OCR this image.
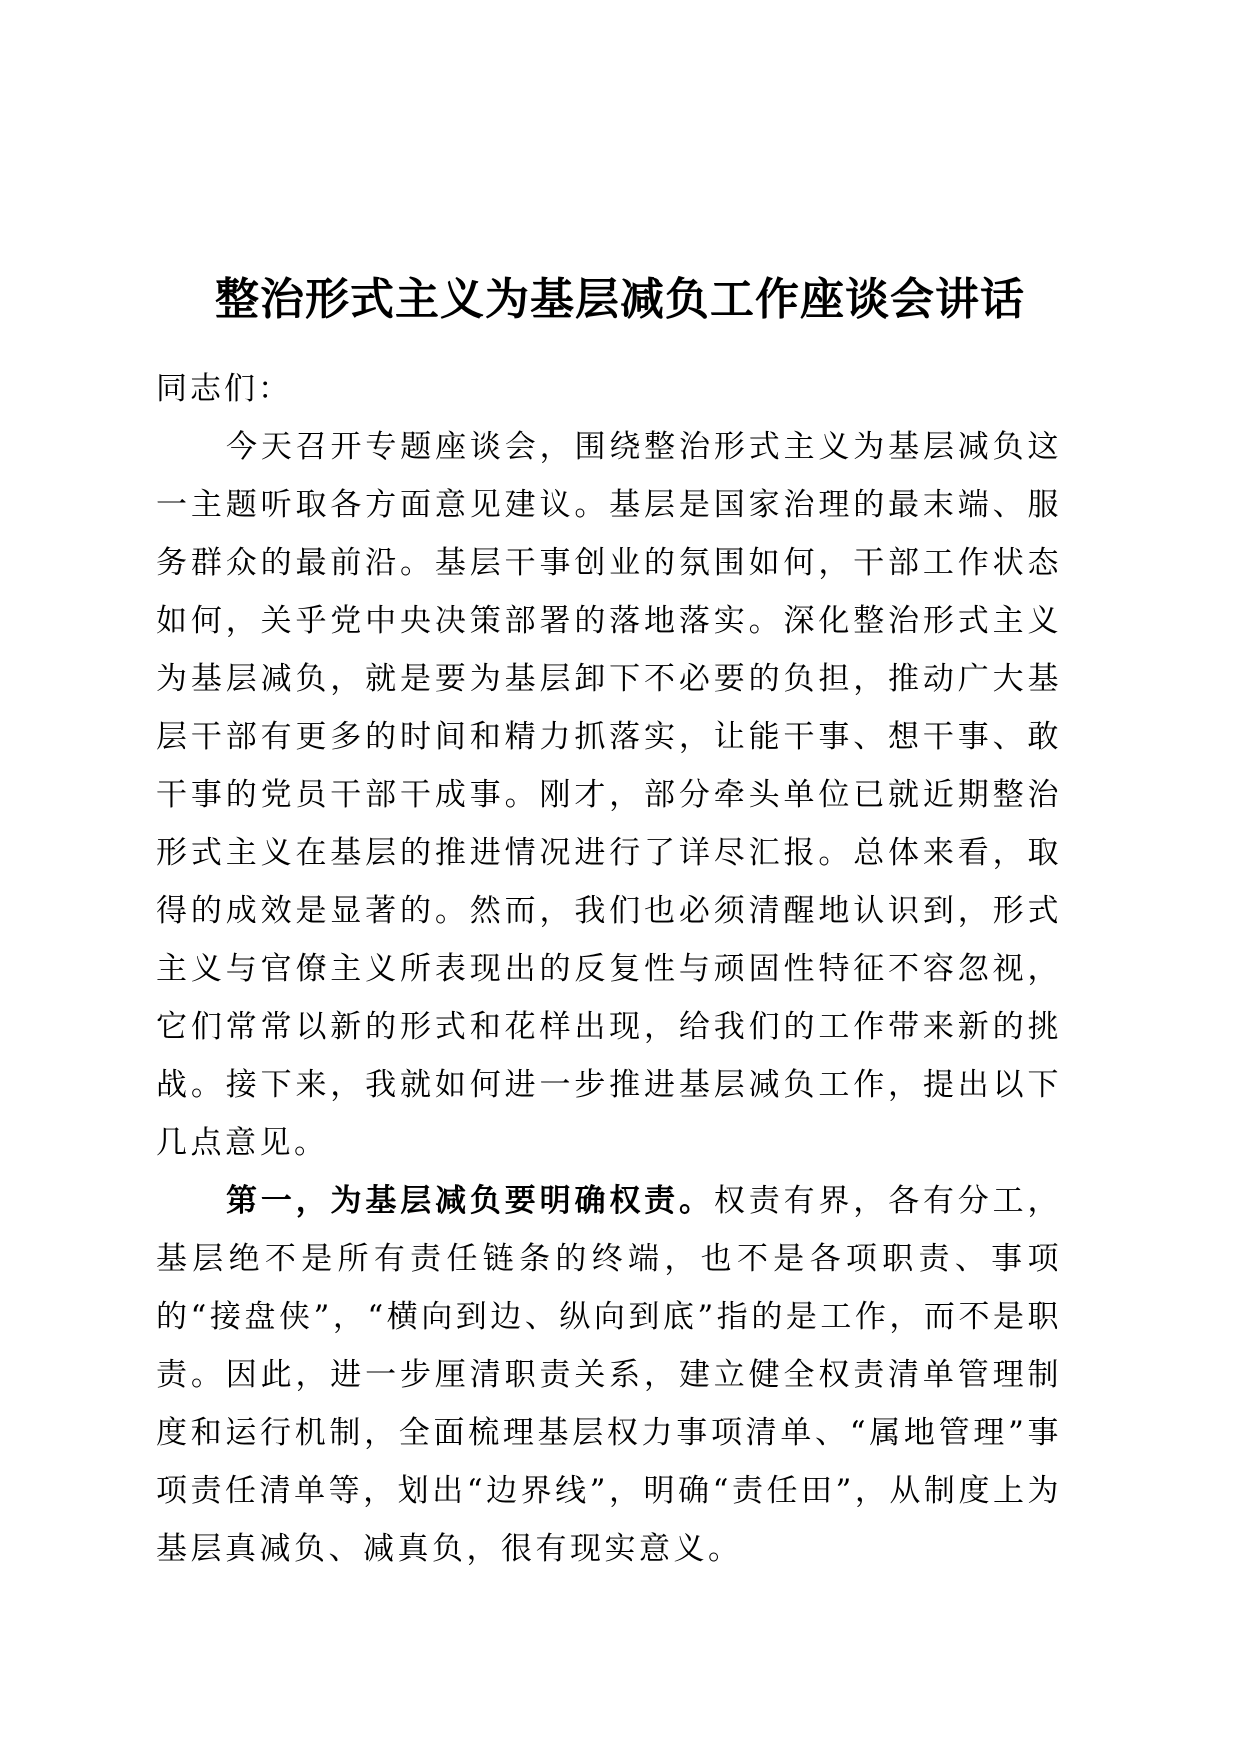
整治形式主义为基层减负工作座谈会讲话

同志们：

今天召开专题座谈会，围绕整治形式主义为基层减负这一主题听取各方面意见建议。基层是国家治理的最末端、服务群众的最前沿。基层干事创业的氛围如何，干部工作状态如何，关乎党中央决策部署的落地落实。深化整治形式主义为基层减负，就是要为基层卸下不必要的负担，推动广大基层干部有更多的时间和精力抓落实，让能干事、想干事、敢干事的党员干部干成事。刚才，部分牵头单位已就近期整治形式主义在基层的推进情况进行了详尽汇报。总体来看，取得的成效是显著的。然而，我们也必须清醒地认识到，形式主义与官僚主义所表现出的反复性与顽固性特征不容忽视，它们常常以新的形式和花样出现，给我们的工作带来新的挑战。接下来，我就如何进一步推进基层减负工作，提出以下几点意见。

第一，为基层减负要明确权责。权责有界，各有分工，基层绝不是所有责任链条的终端，也不是各项职责、事项的“接盘侠”，“横向到边、纵向到底”指的是工作，而不是职责。因此，进一步厘清职责关系，建立健全权责清单管理制度和运行机制，全面梳理基层权力事项清单、“属地管理”事项责任清单等，划出“边界线”，明确“责任田”，从制度上为基层真减负、减真负，很有现实意义。
